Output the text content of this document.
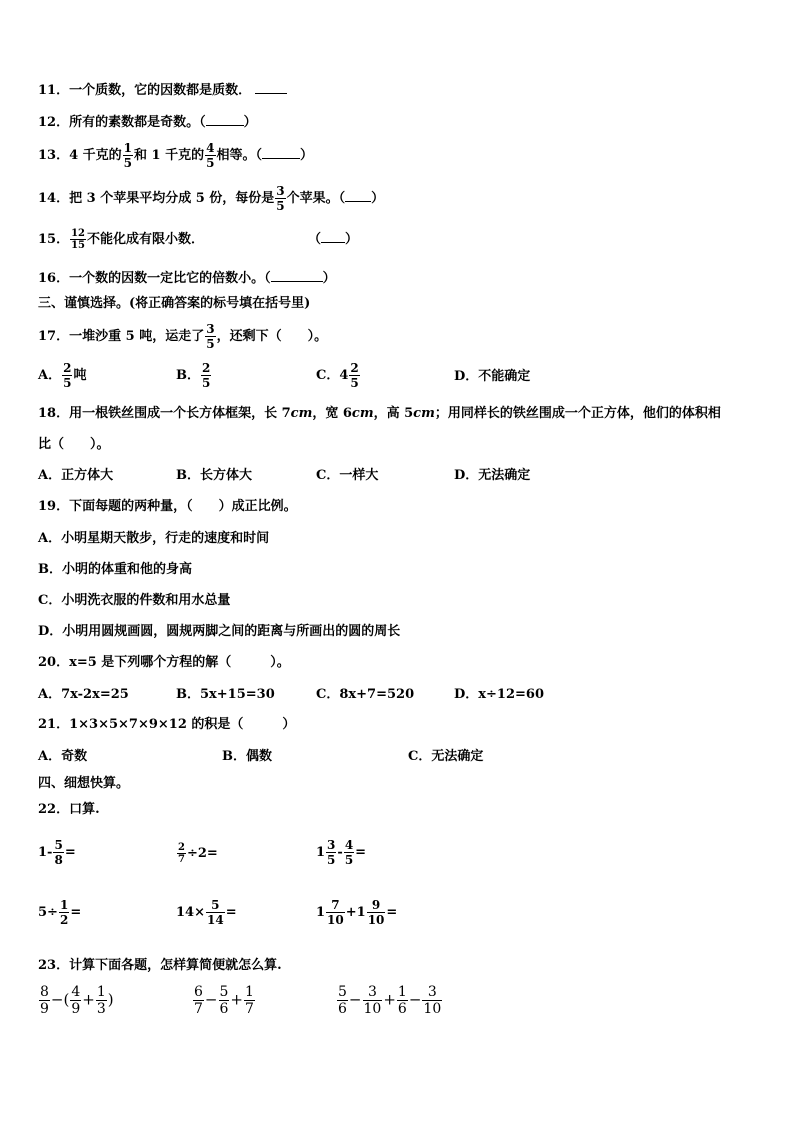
11．一个质数，它的因数都是质数．
12．所有的素数都是奇数。（	）
13．4 千克的 $\frac{1}{5}$ 和 1 千克的 $\frac{4}{5}$ 相等。（	）
14．把 3 个苹果平均分成 5 份，每份是 $\frac{3}{5}$ 个苹果。（ ）
15． $\frac{12}{15}$ 不能化成有限小数．	（ ）
16．一个数的因数一定比它的倍数小。（	）
三、谨慎选择。(将正确答案的标号填在括号里)
17．一堆沙重 5 吨，运走了 $\frac{3}{5}$ ，还剩下（　　）。
A． $\frac{2}{5}$ 吨	B． $\frac{2}{5}$	C．$4 \frac{2}{5}$	D．不能确定
18．用一根铁丝围成一个长方体框架，长 7cm，宽 6cm，高 5cm；用同样长的铁丝围成一个正方体，他们的体积相
比（　　）。
A．正方体大	B．长方体大	C．一样大	D．无法确定
19．下面每题的两种量，（　　）成正比例。
A．小明星期天散步，行走的速度和时间
B．小明的体重和他的身高
C．小明洗衣服的件数和用水总量
D．小明用圆规画圆，圆规两脚之间的距离与所画出的圆的周长
20．x=5 是下列哪个方程的解（　　　）。
A．7x-2x=25	B．5x+15=30	C．8x+7=520	D．x÷12=60
21．1×3×5×7×9×12 的积是（　　　）
A．奇数	B．偶数	C．无法确定
四、细想快算。
22．口算.
$1- \frac{5}{8}$ =	$\frac{2}{7} \div 2=$	$1 \frac{3}{5} - \frac{4}{5}$ =
$5\div \frac{1}{2}$ =	$14\times \frac{5}{14}$ =	$1 \frac{7}{10} +1 \frac{9}{10}$ =
23．计算下面各题，怎样算简便就怎么算.
$\frac{8}{9}$ −( $\frac{4}{9} + \frac{1}{3}$ )	$\frac{6}{7} - \frac{5}{6} + \frac{1}{7}$	$\frac{5}{6} - \frac{3}{10} + \frac{1}{6} - \frac{3}{10}$
